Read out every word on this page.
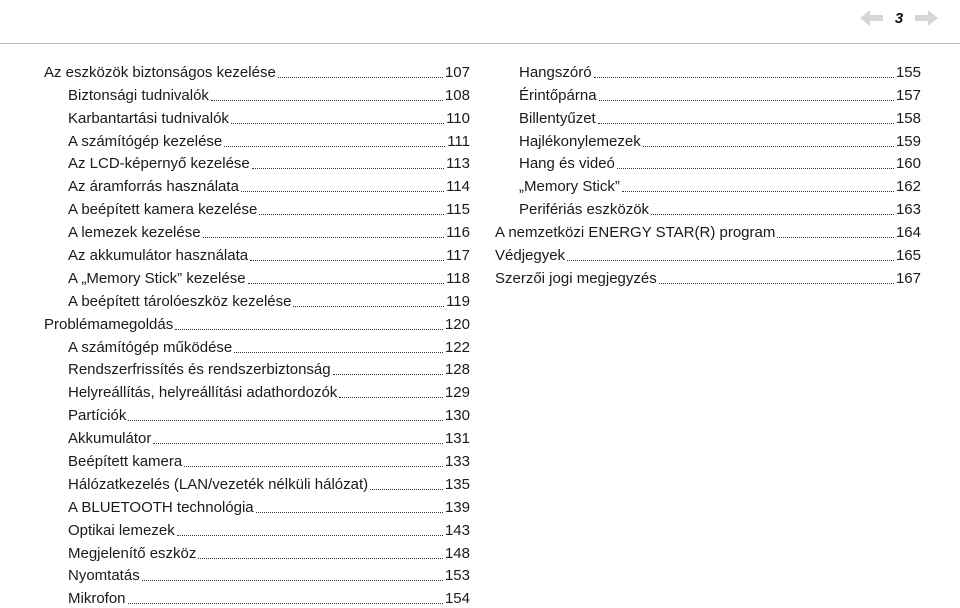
3
Az eszközök biztonságos kezelése	107
Biztonsági tudnivalók	108
Karbantartási tudnivalók	110
A számítógép kezelése	111
Az LCD-képernyő kezelése	113
Az áramforrás használata	114
A beépített kamera kezelése	115
A lemezek kezelése	116
Az akkumulátor használata	117
A „Memory Stick” kezelése	118
A beépített tárolóeszköz kezelése	119
Problémamegoldás	120
A számítógép működése	122
Rendszerfrissítés és rendszerbiztonság	128
Helyreállítás, helyreállítási adathordozók	129
Partíciók	130
Akkumulátor	131
Beépített kamera	133
Hálózatkezelés (LAN/vezeték nélküli hálózat)	135
A BLUETOOTH technológia	139
Optikai lemezek	143
Megjelenítő eszköz	148
Nyomtatás	153
Mikrofon	154
Hangszóró	155
Érintőpárna	157
Billentyűzet	158
Hajlékonylemezek	159
Hang és videó	160
„Memory Stick”	162
Perifériás eszközök	163
A nemzetközi ENERGY STAR(R) program	164
Védjegyek	165
Szerzői jogi megjegyzés	167
